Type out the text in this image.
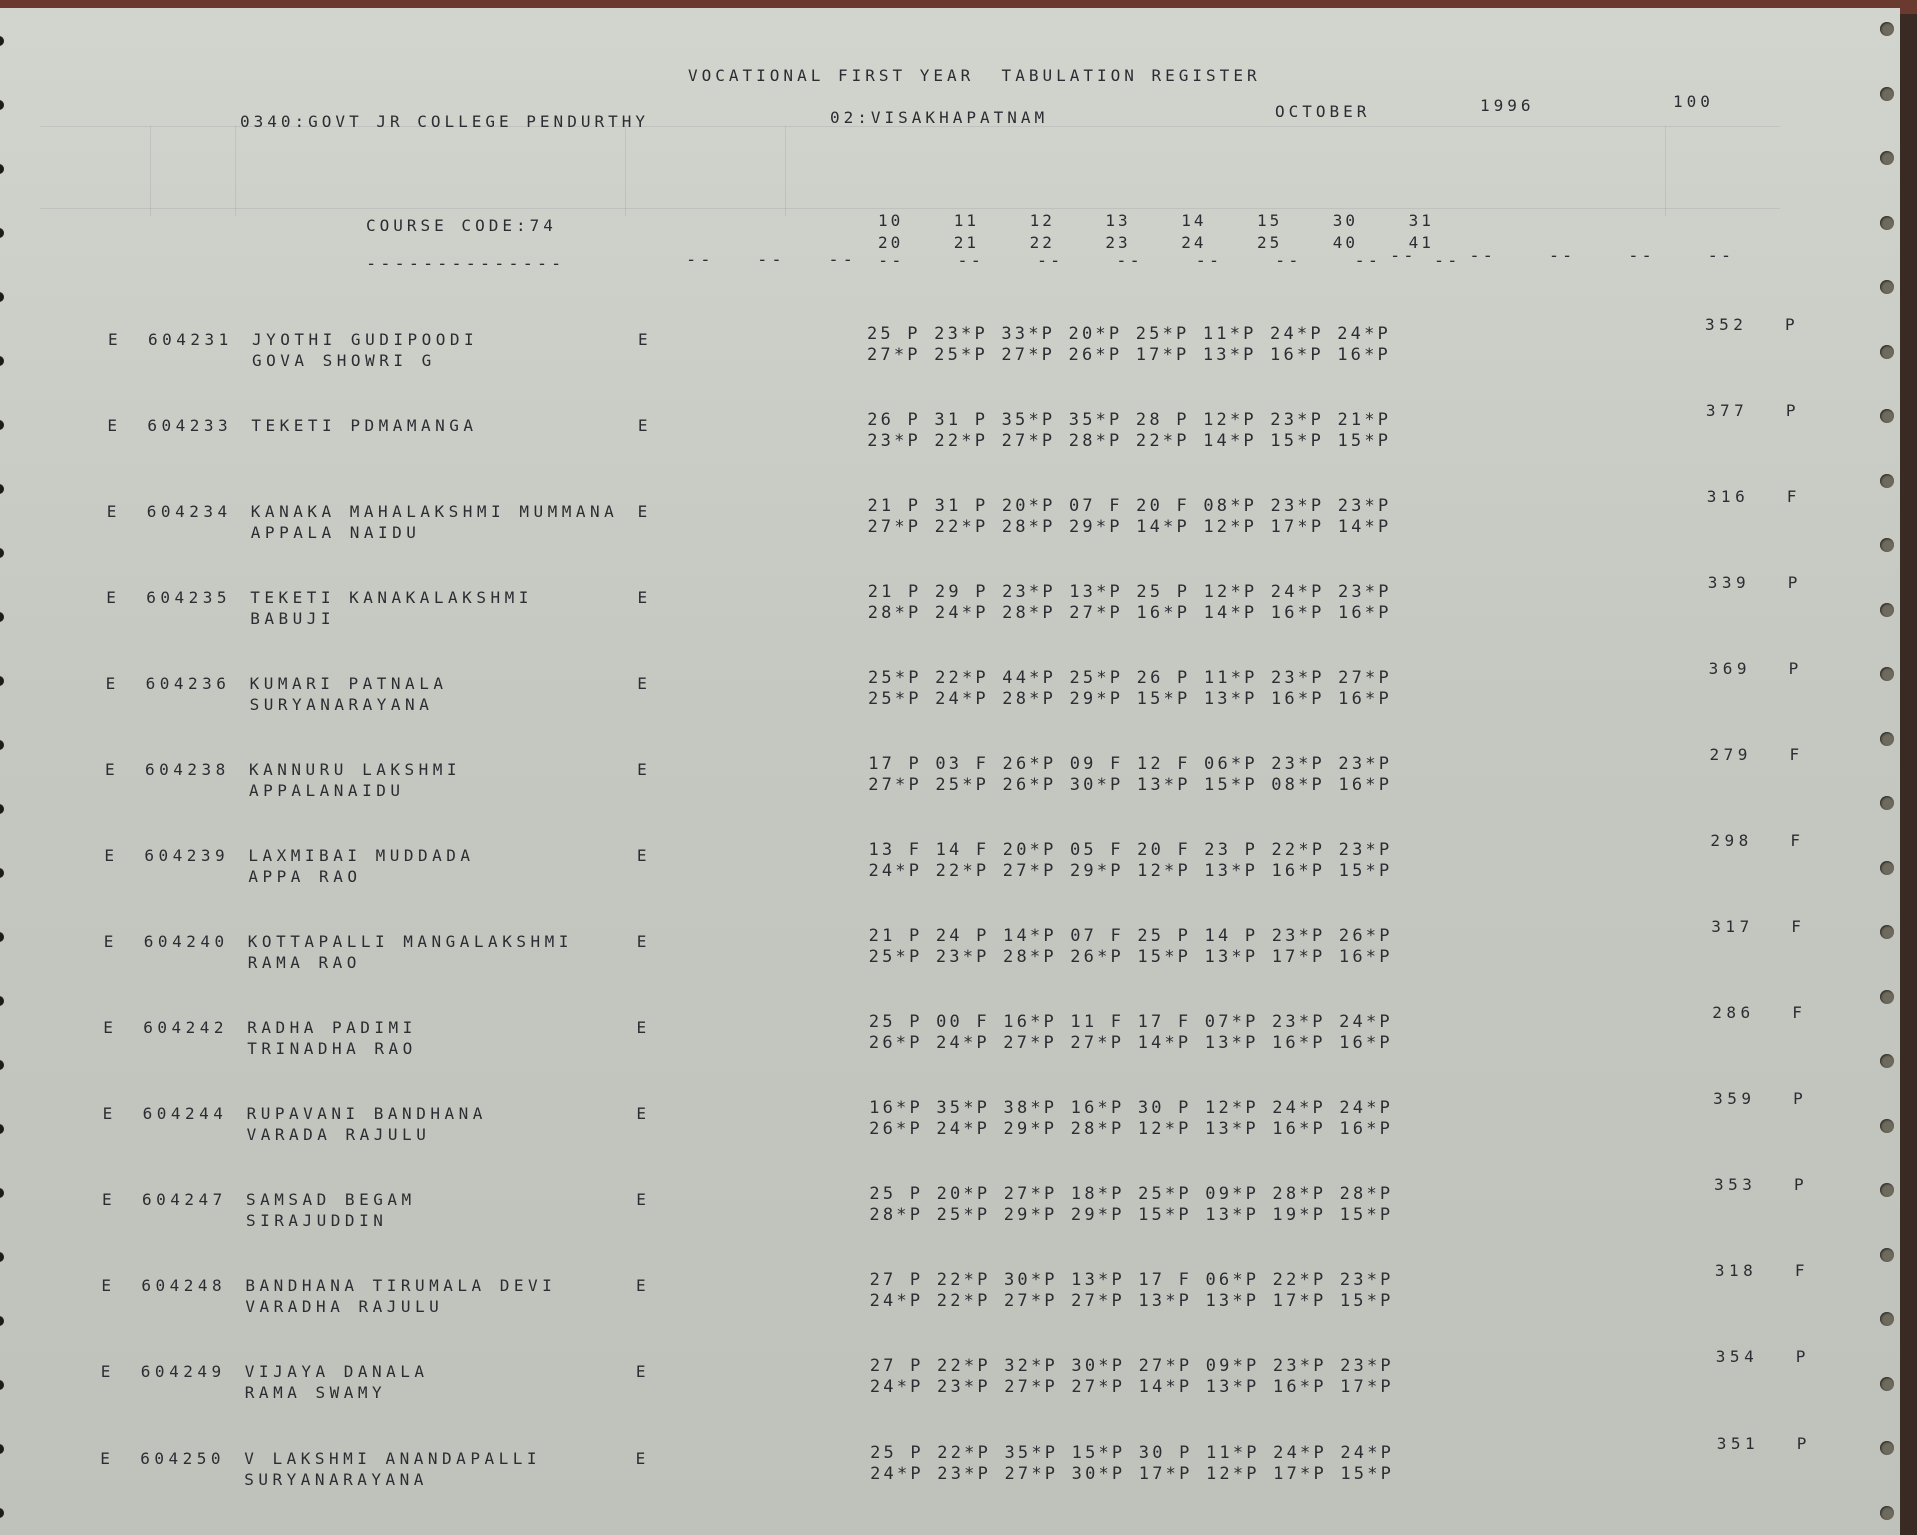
VOCATIONAL FIRST YEAR  TABULATION REGISTER
0340:GOVT JR COLLEGE PENDURTHY	02:VISAKHAPATNAM	OCTOBER	1996	100
COURSE CODE:74
--------------
10    11    12    13    14    15    30    31
20    21    22    23    24    25    40    41
--   --   -- --    --    --    --    --    --    --    --
--    --    --    --    --
E 604231 JYOTHI GUDIPOODI
GOVA SHOWRI G
E	25 P 23*P 33*P 20*P 25*P 11*P 24*P 24*P
27*P 25*P 27*P 26*P 17*P 13*P 16*P 16*P
352 P
E 604233 TEKETI PDMAMANGA	E	26 P 31 P 35*P 35*P 28 P 12*P 23*P 21*P
23*P 22*P 27*P 28*P 22*P 14*P 15*P 15*P
377 P
E 604234 KANAKA MAHALAKSHMI MUMMANA
APPALA NAIDU
E	21 P 31 P 20*P 07 F 20 F 08*P 23*P 23*P
27*P 22*P 28*P 29*P 14*P 12*P 17*P 14*P
316 F
E 604235 TEKETI KANAKALAKSHMI
BABUJI
E	21 P 29 P 23*P 13*P 25 P 12*P 24*P 23*P
28*P 24*P 28*P 27*P 16*P 14*P 16*P 16*P
339 P
E 604236 KUMARI PATNALA
SURYANARAYANA
E	25*P 22*P 44*P 25*P 26 P 11*P 23*P 27*P
25*P 24*P 28*P 29*P 15*P 13*P 16*P 16*P
369 P
E 604238 KANNURU LAKSHMI
APPALANAIDU
E	17 P 03 F 26*P 09 F 12 F 06*P 23*P 23*P
27*P 25*P 26*P 30*P 13*P 15*P 08*P 16*P
279 F
E 604239 LAXMIBAI MUDDADA
APPA RAO
E	13 F 14 F 20*P 05 F 20 F 23 P 22*P 23*P
24*P 22*P 27*P 29*P 12*P 13*P 16*P 15*P
298 F
E 604240 KOTTAPALLI MANGALAKSHMI
RAMA RAO
E	21 P 24 P 14*P 07 F 25 P 14 P 23*P 26*P
25*P 23*P 28*P 26*P 15*P 13*P 17*P 16*P
317 F
E 604242 RADHA PADIMI
TRINADHA RAO
E	25 P 00 F 16*P 11 F 17 F 07*P 23*P 24*P
26*P 24*P 27*P 27*P 14*P 13*P 16*P 16*P
286 F
E 604244 RUPAVANI BANDHANA
VARADA RAJULU
E	16*P 35*P 38*P 16*P 30 P 12*P 24*P 24*P
26*P 24*P 29*P 28*P 12*P 13*P 16*P 16*P
359 P
E 604247 SAMSAD BEGAM
SIRAJUDDIN
E	25 P 20*P 27*P 18*P 25*P 09*P 28*P 28*P
28*P 25*P 29*P 29*P 15*P 13*P 19*P 15*P
353 P
E 604248 BANDHANA TIRUMALA DEVI
VARADHA RAJULU
E	27 P 22*P 30*P 13*P 17 F 06*P 22*P 23*P
24*P 22*P 27*P 27*P 13*P 13*P 17*P 15*P
318 F
E 604249 VIJAYA DANALA
RAMA SWAMY
E	27 P 22*P 32*P 30*P 27*P 09*P 23*P 23*P
24*P 23*P 27*P 27*P 14*P 13*P 16*P 17*P
354 P
E 604250 V LAKSHMI ANANDAPALLI
SURYANARAYANA
E	25 P 22*P 35*P 15*P 30 P 11*P 24*P 24*P
24*P 23*P 27*P 30*P 17*P 12*P 17*P 15*P
351 P
